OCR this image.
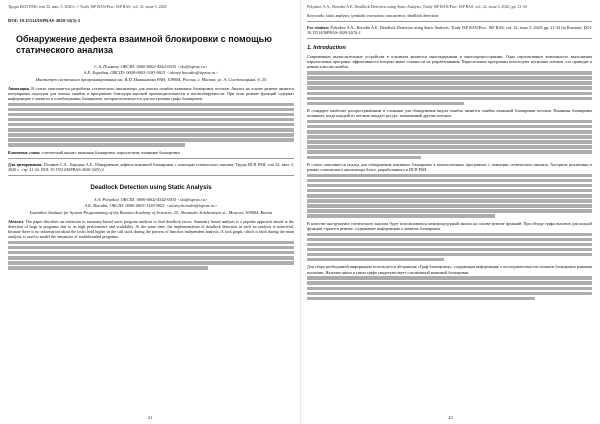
Труды ИСП РАН, том 32, вып. 5, 2020 г. // Trudy ISP RAN/Proc. ISP RAS, vol. 32, issue 5, 2020
DOI: 10.15514/ISPRAS-2020-32(5)-2
Обнаружение дефекта взаимной блокировки с помощью статического анализа
С.А. Поляков, ORCID: 0000-0002-4542-0035 <slx@ispras.ru>
А.Е. Бородин, ORCID: 0000-0003-3183-9821 <alexey.borodin@ispras.ru>
Институт системного программирования им. В.П. Иванникова РАН, 109004, Россия, г. Москва, ул. А. Солженицына, д. 25

Аннотация. В статье описывается разработка статического анализатора для поиска ошибок взаимных блокировок потоков. Анализ на основе резюме является популярным подходом для поиска ошибок в программах благодаря высокой производительности и масштабируемости. При этом резюме функций содержат информацию о захватах и освобождениях блокировок, которая используется для построения графа блокировок.

Ключевые слова: статический анализ; взаимная блокировка; параллелизм; взаимные блокировки

Для цитирования: Поляков С.А., Бородин А.Е. Обнаружение дефекта взаимной блокировки с помощью статического анализа. Труды ИСП РАН, том 32, вып. 5, 2020 г., стр. 21-34. DOI: 10.15514/ISPRAS-2020-32(5)-2

Deadlock Detection using Static Analysis
S.A. Polyakov, ORCID: 0000-0002-4542-0035 <slx@ispras.ru>
A.E. Borodin, ORCID: 0000-0003-3183-9821 <alexey.borodin@ispras.ru>
Ivannikov Institute for System Programming of the Russian Academy of Sciences, 25, Alexander Solzhenitsyn st., Moscow, 109004, Russia

Abstract. The paper describes an extension to summary-based static program analysis to find deadlock errors. Summary based analysis is a popular approach aimed at the detection of bugs in programs due to its high performance and scalability. At the same time, the implementation of deadlock detection in such an analysis is nontrivial, because there is no information about the locks held higher in the call stack during the process of function independent analysis. A lock graph, which is built during the main analysis, is used to model the semantics of multithreaded programs.

21
Polyakov S.A., Borodin A.E. Deadlock Detection using Static Analysis. Trudy ISP RAN/Proc. ISP RAS, vol. 32, issue 5, 2020, pp. 21-34

Keywords: static analysis; symbolic execution; concurrency; deadlock detection

For citation: Polyakov S.A., Borodin A.E. Deadlock Detection using Static Analysis. Trudy ISP RAN/Proc. ISP RAS, vol. 32, issue 5, 2020, pp. 21-34 (in Russian). DOI: 10.15514/ISPRAS-2020-32(5)-2

1. Introduction

Современные вычислительные устройства в основном являются многоядерными и многопроцессорными. Одна перспективное возможность выполнения параллельных программ, эффективность которых выше сложности их разрабатывания. Параллельные программы используют несколько потоков, что приводит к новым классам ошибок.

В стандарте наиболее распространённым и сложным для обнаружения видом ошибок является ошибка взаимной блокировки потоков. Взаимная блокировка возникает, когда каждый из потоков ожидает ресурс, захваченный другим потоком.

В статье описывается подход для обнаружения взаимных блокировок в многопоточных программах с помощью статического анализа. Алгоритм реализован в рамках статического анализатора Svace, разработанного в ИСП РАН.

В качестве инструмента статического анализа будет использоваться межпроцедурный анализ на основе резюме функций. При обходе графа вызовов для каждой функции строится резюме, содержащее информацию о захватах блокировок.

Для сбора необходимой информации используется абстракция «Граф блокировок», содержащая информацию о последовательности захватов блокировок разными потоками. Наличие цикла в таком графе свидетельствует о возможной взаимной блокировке.

22
